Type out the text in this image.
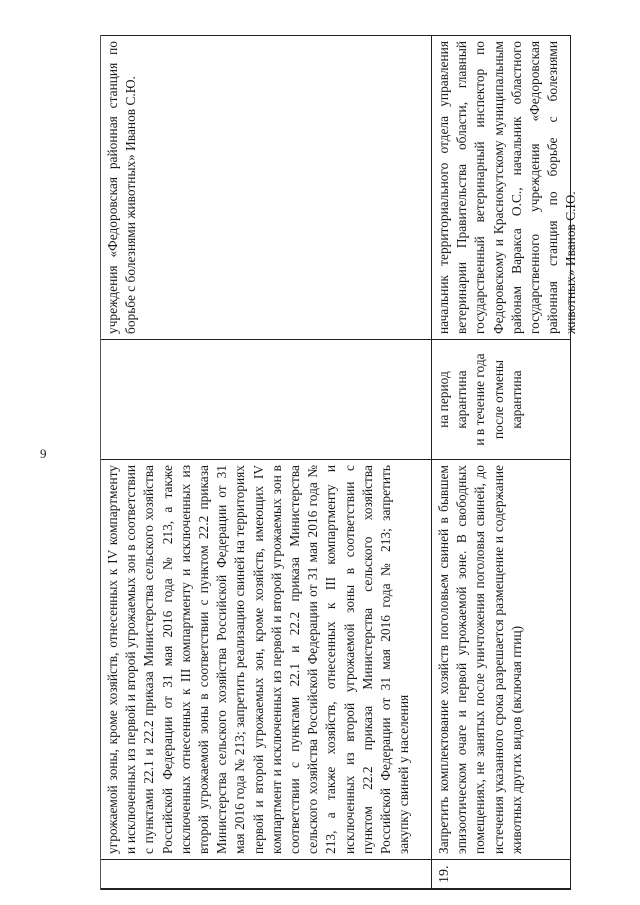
9
угрожаемой зоны, кроме хозяйств, отнесенных к IV компартменту и исключенных из первой и второй угрожаемых зон в соответствии с пунктами 22.1 и 22.2 приказа Министерства сельского хозяйства Российской Федерации от 31 мая 2016 года № 213, а также исключенных отнесенных к III компартменту и исключенных из второй угрожаемой зоны в соответствии с пунктом 22.2 приказа Министерства сельского хозяйства Российской Федерации от 31 мая 2016 года № 213; запретить реализацию свиней на территориях первой и второй угрожаемых зон, кроме хозяйств, имеющих IV компартмент и исключенных из первой и второй угрожаемых зон в соответствии с пунктами 22.1 и 22.2 приказа Министерства сельского хозяйства Российской Федерации от 31 мая 2016 года № 213, а также хозяйств, отнесенных к III компартменту и исключенных из второй угрожаемой зоны в соответствии с пунктом 22.2 приказа Министерства сельского хозяйства Российской Федерации от 31 мая 2016 года № 213; запретить закупку свиней у населения
учреждения «Федоровская районная станция по борьбе с болезнями животных» Иванов С.Ю.
19.
Запретить комплектование хозяйств поголовьем свиней в бывшем эпизоотическом очаге и первой угрожаемой зоне. В свободных помещениях, не занятых после уничтожения поголовья свиней, до истечения указанного срока разрешается размещение и содержание животных других видов (включая птиц)
на период карантина и в течение года после отмены карантина
начальник территориального отдела управления ветеринарии Правительства области, главный государственный ветеринарный инспектор по Федоровскому и Краснокутскому муниципальным районам Варакса О.С., начальник областного государственного учреждения «Федоровская районная станция по борьбе с болезнями животных» Иванов С.Ю.
